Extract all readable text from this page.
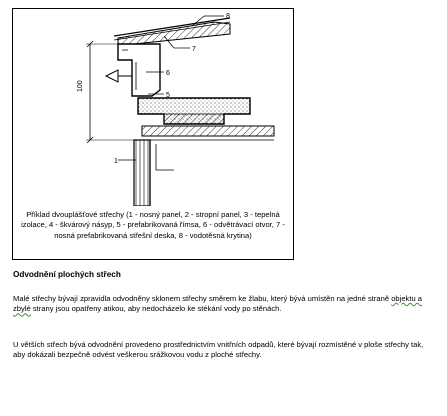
100
8
7
6
5
1
Příklad dvouplášťové střechy (1 - nosný panel, 2 - stropní panel, 3 - tepelná izolace, 4 - škvárový násyp, 5 - prefabrikovaná římsa, 6 - odvětrávací otvor, 7 - nosná prefabrikovaná střešní deska, 8 - vodotěsná krytina)
Odvodnění plochých střech
Malé střechy bývají zpravidla odvodněny sklonem střechy směrem ke žlabu, který bývá umístěn na jedné straně objektu a zbylé strany jsou opatřeny atikou, aby nedocházelo ke stékání vody po stěnách.
U větších střech bývá odvodnění provedeno prostřednictvím vnitřních odpadů, které bývají rozmístěné v ploše střechy tak, aby dokázali bezpečně odvést veškerou srážkovou vodu z ploché střechy.
